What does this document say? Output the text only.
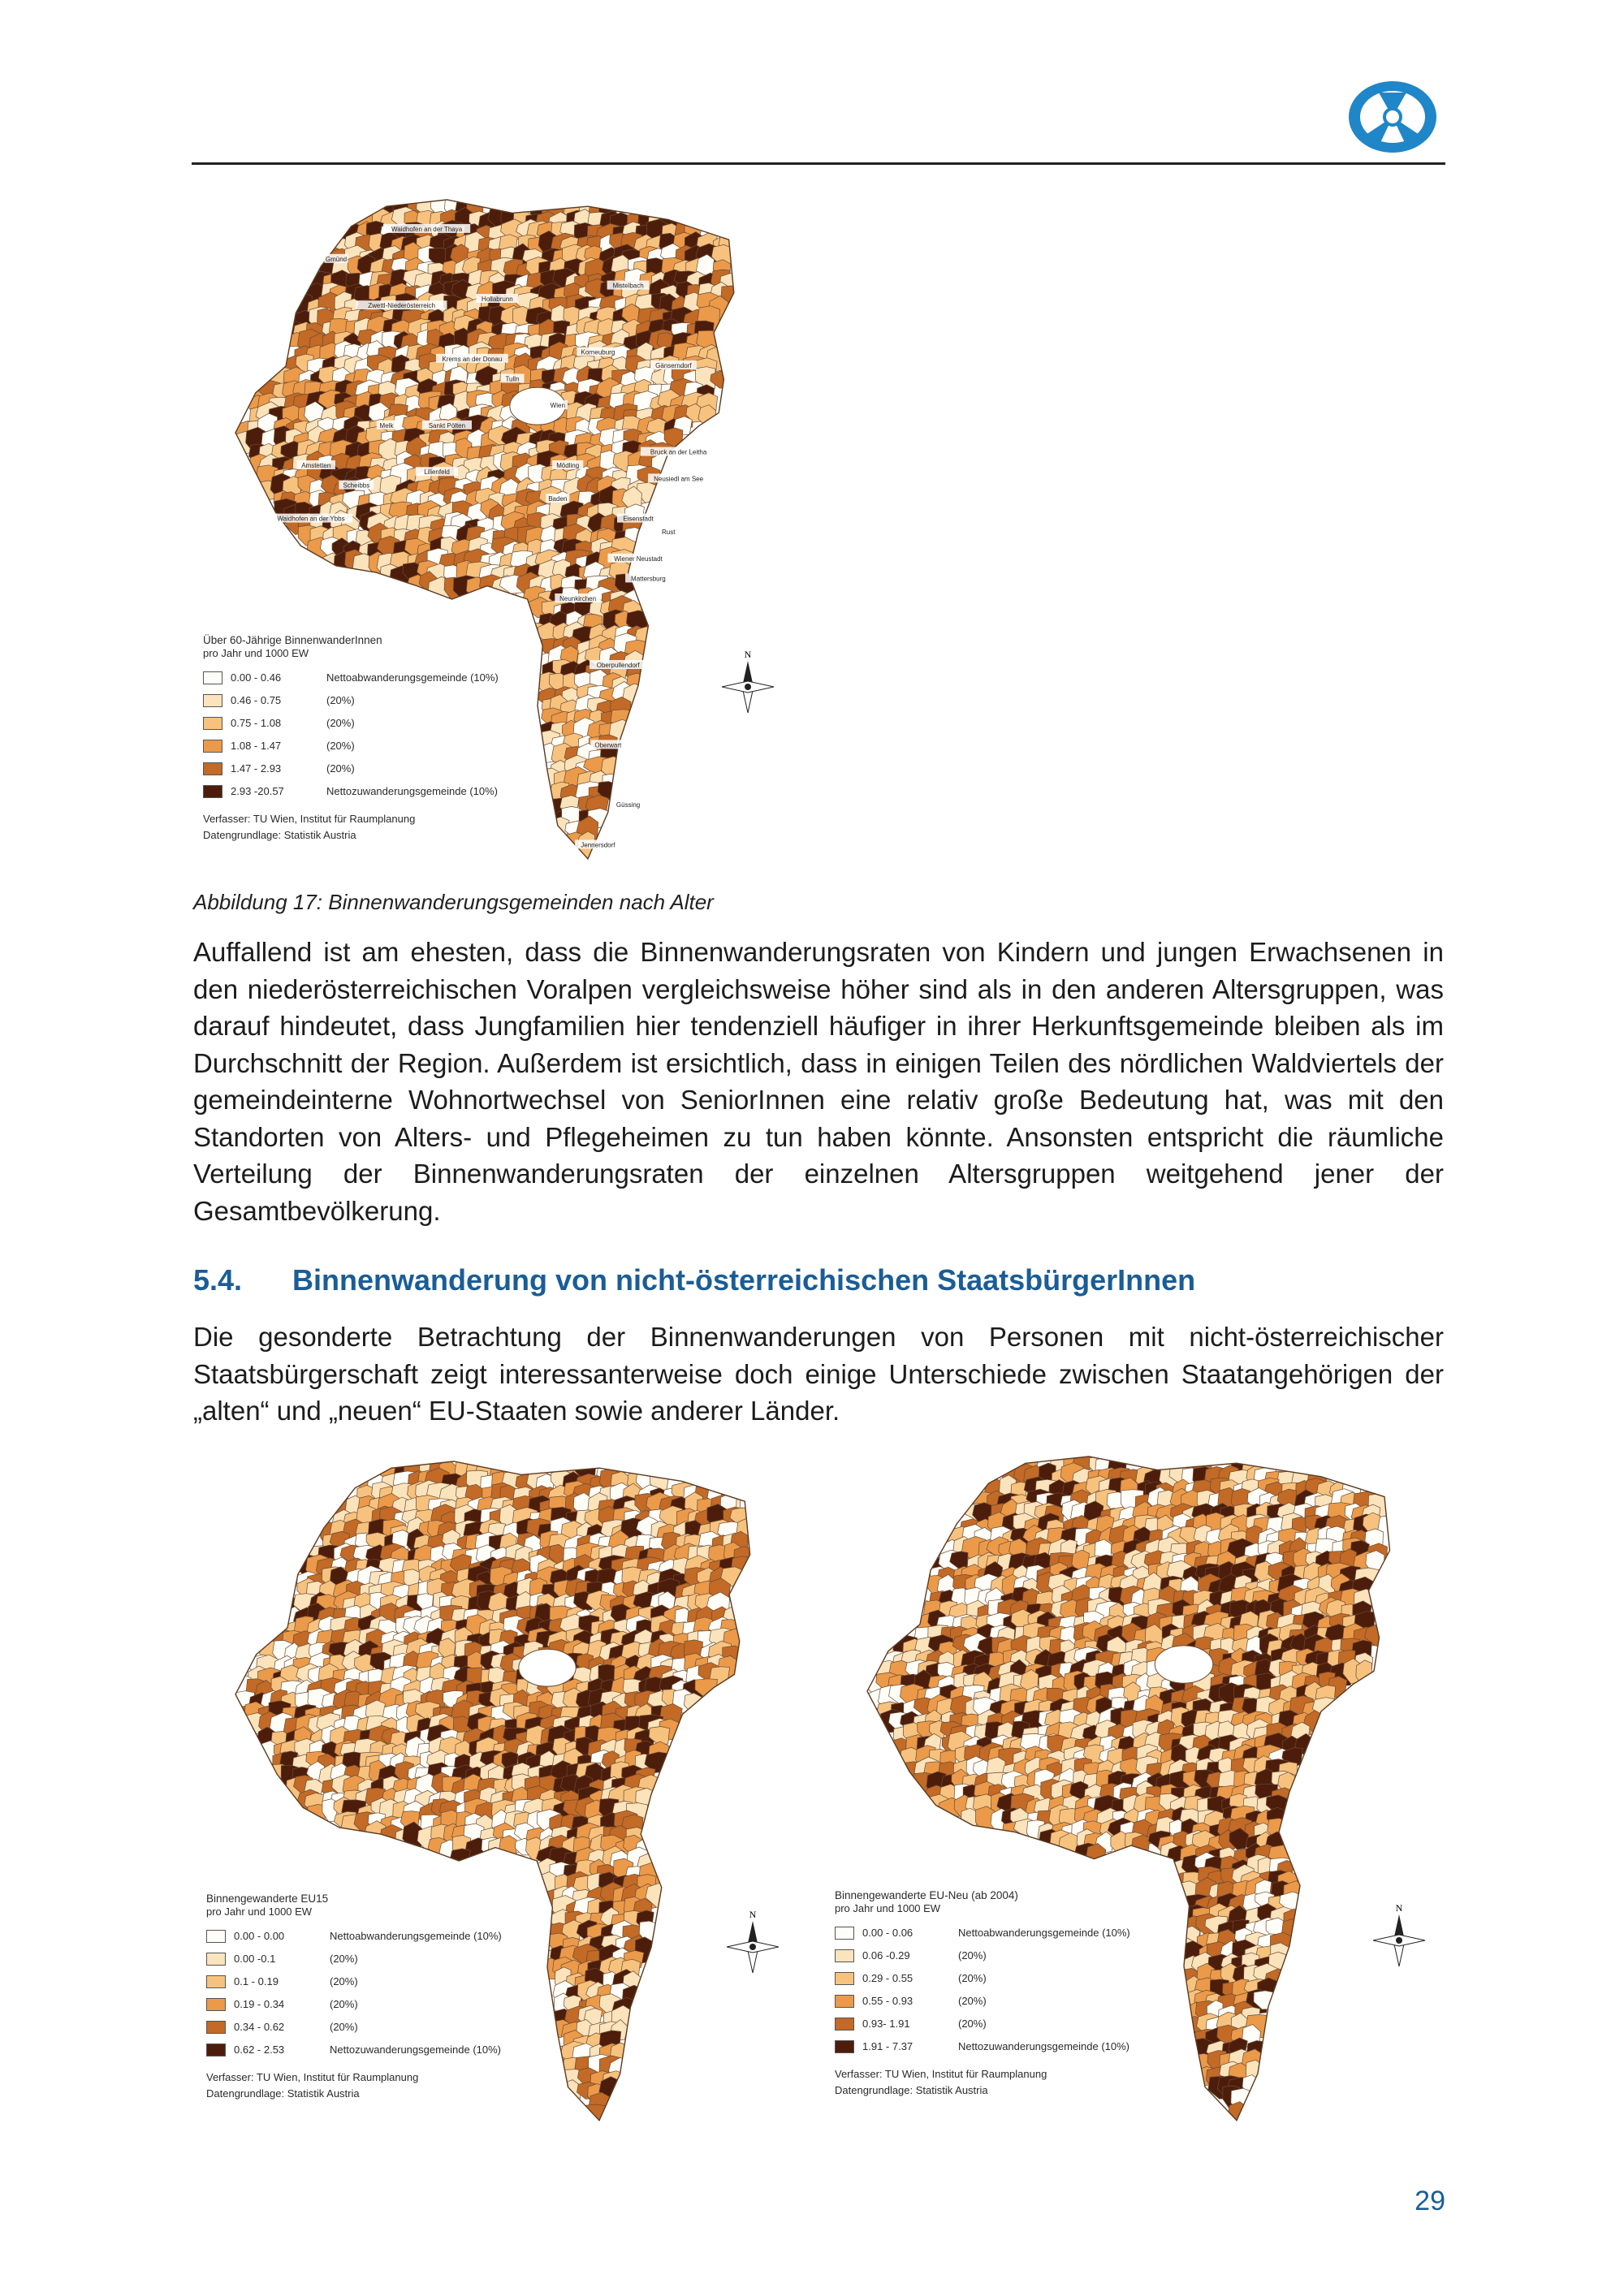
Waidhofen an der Thaya
Gmünd
Zwettl-Niederösterreich
Hollabrunn
Mistelbach
Krems an der Donau
Korneuburg
Gänserndorf
Wien
Melk	Sankt Pölten
Tulln
Bruck an der Leitha
Amstetten
Scheibbs
Mödling
Neusiedl am See
Lilienfeld
Baden
Waidhofen an der Ybbs	Eisenstadt
Rust
Wiener Neustadt
Mattersburg
Neunkirchen
Oberpullendorf
Oberwart
Güssing
Jennersdorf
Über 60-Jährige BinnenwanderInnen
pro Jahr und 1000 EW
0.00 - 0.46	Nettoabwanderungsgemeinde (10%)
0.46 - 0.75	(20%)
0.75 - 1.08	(20%)
1.08 - 1.47	(20%)
1.47 - 2.93	(20%)
2.93 -20.57	Nettozuwanderungsgemeinde (10%)
Verfasser: TU Wien, Institut für Raumplanung
Datengrundlage: Statistik Austria
N
Abbildung 17: Binnenwanderungsgemeinden nach Alter
Auffallend ist am ehesten, dass die Binnenwanderungsraten von Kindern und jungen Erwachsenen in den niederösterreichischen Voralpen vergleichsweise höher sind als in den anderen Altersgruppen, was darauf hindeutet, dass Jungfamilien hier tendenziell häufiger in ihrer Herkunftsgemeinde bleiben als im Durchschnitt der Region. Außerdem ist ersichtlich, dass in einigen Teilen des nördlichen Waldviertels der gemeindeinterne Wohnortwechsel von SeniorInnen eine relativ große Bedeutung hat, was mit den Standorten von Alters- und Pflegeheimen zu tun haben könnte. Ansonsten entspricht die räumliche Verteilung der Binnenwanderungsraten der einzelnen Altersgruppen weitgehend jener der Gesamtbevölkerung.
5.4.	Binnenwanderung von nicht-österreichischen StaatsbürgerInnen
Die gesonderte Betrachtung der Binnenwanderungen von Personen mit nicht-österreichischer Staatsbürgerschaft zeigt interessanterweise doch einige Unterschiede zwischen Staatangehörigen der „alten“ und „neuen“ EU-Staaten sowie anderer Länder.
Binnengewanderte EU15
pro Jahr und 1000 EW
0.00 - 0.00	Nettoabwanderungsgemeinde (10%)
0.00 -0.1	(20%)
0.1 - 0.19	(20%)
0.19 - 0.34	(20%)
0.34 - 0.62	(20%)
0.62 - 2.53	Nettozuwanderungsgemeinde (10%)
Verfasser: TU Wien, Institut für Raumplanung
Datengrundlage: Statistik Austria
N
Binnengewanderte EU-Neu (ab 2004)
pro Jahr und 1000 EW
0.00 - 0.06	Nettoabwanderungsgemeinde (10%)
0.06 -0.29	(20%)
0.29 - 0.55	(20%)
0.55 - 0.93	(20%)
0.93- 1.91	(20%)
1.91 - 7.37	Nettozuwanderungsgemeinde (10%)
Verfasser: TU Wien, Institut für Raumplanung
Datengrundlage: Statistik Austria
N
29
